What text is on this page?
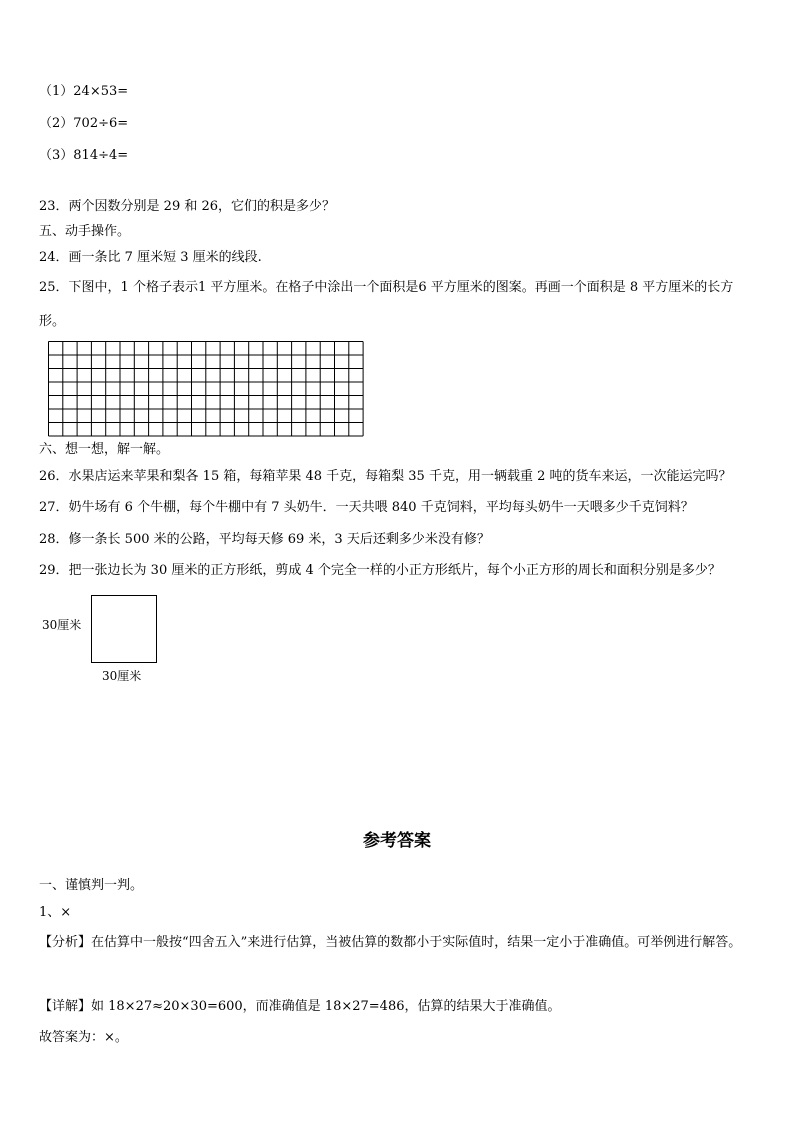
（1）24×53=
（2）702÷6=
（3）814÷4=
23．两个因数分别是 29 和 26，它们的积是多少？
五、动手操作。
24．画一条比 7 厘米短 3 厘米的线段.
25．下图中，1 个格子表示1 平方厘米。在格子中涂出一个面积是6 平方厘米的图案。再画一个面积是 8 平方厘米的长方形。
六、想一想，解一解。
26．水果店运来苹果和梨各 15 箱，每箱苹果 48 千克，每箱梨 35 千克，用一辆载重 2 吨的货车来运，一次能运完吗？
27．奶牛场有 6 个牛棚，每个牛棚中有 7 头奶牛．一天共喂 840 千克饲料，平均每头奶牛一天喂多少千克饲料？
28．修一条长 500 米的公路，平均每天修 69 米，3 天后还剩多少米没有修？
29．把一张边长为 30 厘米的正方形纸，剪成 4 个完全一样的小正方形纸片，每个小正方形的周长和面积分别是多少？
30厘米
30厘米
参考答案
一、谨慎判一判。
1、×
【分析】在估算中一般按“四舍五入”来进行估算，当被估算的数都小于实际值时，结果一定小于准确值。可举例进行解答。
【详解】如 18×27≈20×30=600，而准确值是 18×27=486，估算的结果大于准确值。
故答案为：×。
